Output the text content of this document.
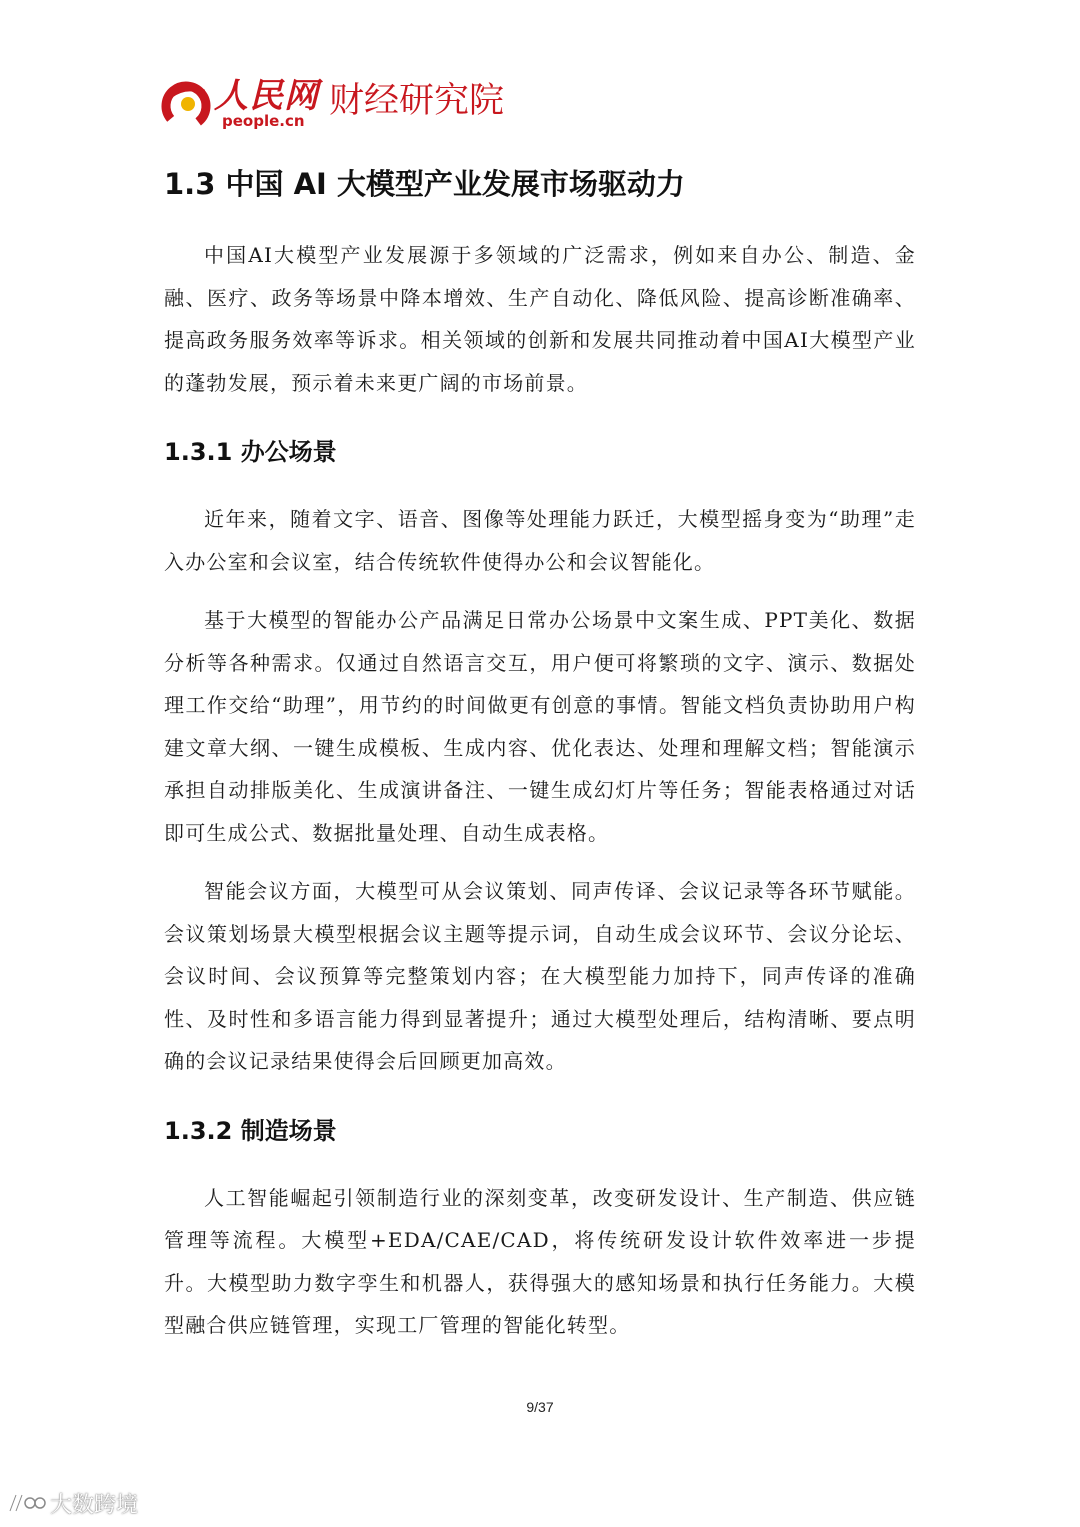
人民网
people.cn 财经研究院
1.3 中国 AI 大模型产业发展市场驱动力

中国AI大模型产业发展源于多领域的广泛需求，例如来自办公、制造、金融、医疗、政务等场景中降本增效、生产自动化、降低风险、提高诊断准确率、提高政务服务效率等诉求。相关领域的创新和发展共同推动着中国AI大模型产业的蓬勃发展，预示着未来更广阔的市场前景。

1.3.1 办公场景

近年来，随着文字、语音、图像等处理能力跃迁，大模型摇身变为“助理”走入办公室和会议室，结合传统软件使得办公和会议智能化。

基于大模型的智能办公产品满足日常办公场景中文案生成、PPT美化、数据分析等各种需求。仅通过自然语言交互，用户便可将繁琐的文字、演示、数据处理工作交给“助理”，用节约的时间做更有创意的事情。智能文档负责协助用户构建文章大纲、一键生成模板、生成内容、优化表达、处理和理解文档；智能演示承担自动排版美化、生成演讲备注、一键生成幻灯片等任务；智能表格通过对话即可生成公式、数据批量处理、自动生成表格。

智能会议方面，大模型可从会议策划、同声传译、会议记录等各环节赋能。会议策划场景大模型根据会议主题等提示词，自动生成会议环节、会议分论坛、会议时间、会议预算等完整策划内容；在大模型能力加持下，同声传译的准确性、及时性和多语言能力得到显著提升；通过大模型处理后，结构清晰、要点明确的会议记录结果使得会后回顾更加高效。

1.3.2 制造场景

人工智能崛起引领制造行业的深刻变革，改变研发设计、生产制造、供应链管理等流程。大模型+EDA/CAE/CAD，将传统研发设计软件效率进一步提升。大模型助力数字孪生和机器人，获得强大的感知场景和执行任务能力。大模型融合供应链管理，实现工厂管理的智能化转型。

9/37
大数跨境
